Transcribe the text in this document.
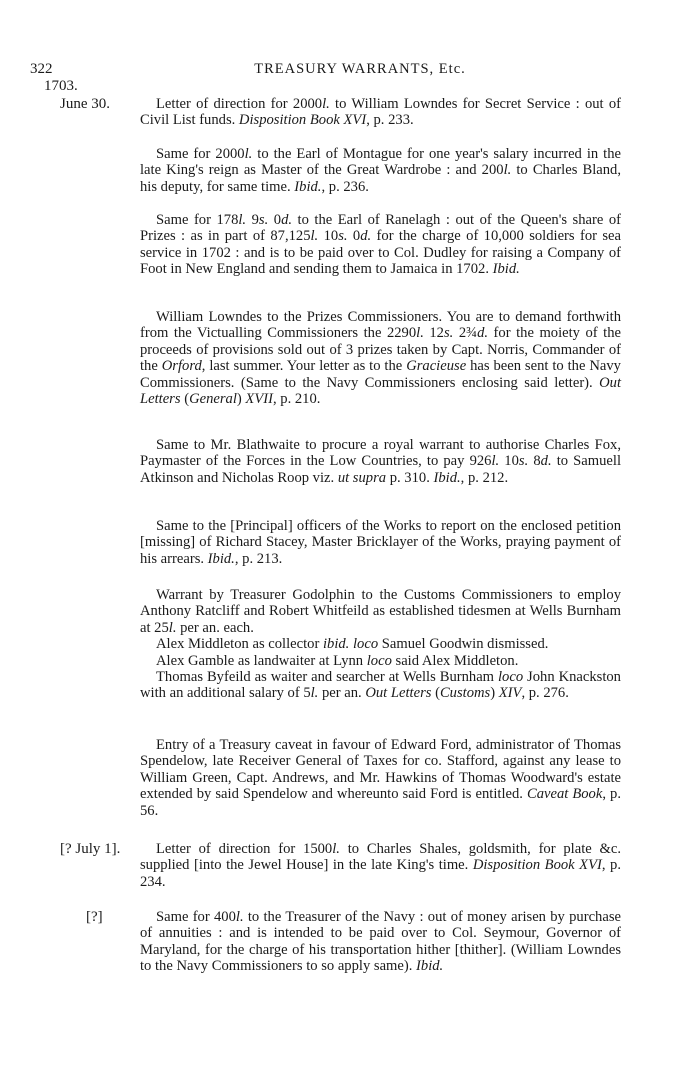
322	TREASURY WARRANTS, Etc.
1703.
June 30.	Letter of direction for 2000l. to William Lowndes for Secret Service : out of Civil List funds. Disposition Book XVI, p. 233.

Same for 2000l. to the Earl of Montague for one year's salary incurred in the late King's reign as Master of the Great Wardrobe : and 200l. to Charles Bland, his deputy, for same time. Ibid., p. 236.

Same for 178l. 9s. 0d. to the Earl of Ranelagh : out of the Queen's share of Prizes : as in part of 87,125l. 10s. 0d. for the charge of 10,000 soldiers for sea service in 1702 : and is to be paid over to Col. Dudley for raising a Company of Foot in New England and sending them to Jamaica in 1702. Ibid.

William Lowndes to the Prizes Commissioners. You are to demand forthwith from the Victualling Commissioners the 2290l. 12s. 2¾d. for the moiety of the proceeds of provisions sold out of 3 prizes taken by Capt. Norris, Commander of the Orford, last summer. Your letter as to the Gracieuse has been sent to the Navy Commissioners. (Same to the Navy Commissioners enclosing said letter). Out Letters (General) XVII, p. 210.

Same to Mr. Blathwaite to procure a royal warrant to authorise Charles Fox, Paymaster of the Forces in the Low Countries, to pay 926l. 10s. 8d. to Samuell Atkinson and Nicholas Roop viz. ut supra p. 310. Ibid., p. 212.

Same to the [Principal] officers of the Works to report on the enclosed petition [missing] of Richard Stacey, Master Bricklayer of the Works, praying payment of his arrears. Ibid., p. 213.

Warrant by Treasurer Godolphin to the Customs Commissioners to employ Anthony Ratcliff and Robert Whitfeild as established tidesmen at Wells Burnham at 25l. per an. each.

Alex Middleton as collector ibid. loco Samuel Goodwin dismissed.

Alex Gamble as landwaiter at Lynn loco said Alex Middleton.

Thomas Byfeild as waiter and searcher at Wells Burnham loco John Knackston with an additional salary of 5l. per an. Out Letters (Customs) XIV, p. 276.

Entry of a Treasury caveat in favour of Edward Ford, administrator of Thomas Spendelow, late Receiver General of Taxes for co. Stafford, against any lease to William Green, Capt. Andrews, and Mr. Hawkins of Thomas Woodward's estate extended by said Spendelow and whereunto said Ford is entitled. Caveat Book, p. 56.

[? July 1].	Letter of direction for 1500l. to Charles Shales, goldsmith, for plate &c. supplied [into the Jewel House] in the late King's time. Disposition Book XVI, p. 234.

[?]	Same for 400l. to the Treasurer of the Navy : out of money arisen by purchase of annuities : and is intended to be paid over to Col. Seymour, Governor of Maryland, for the charge of his transportation hither [thither]. (William Lowndes to the Navy Commissioners to so apply same). Ibid.
